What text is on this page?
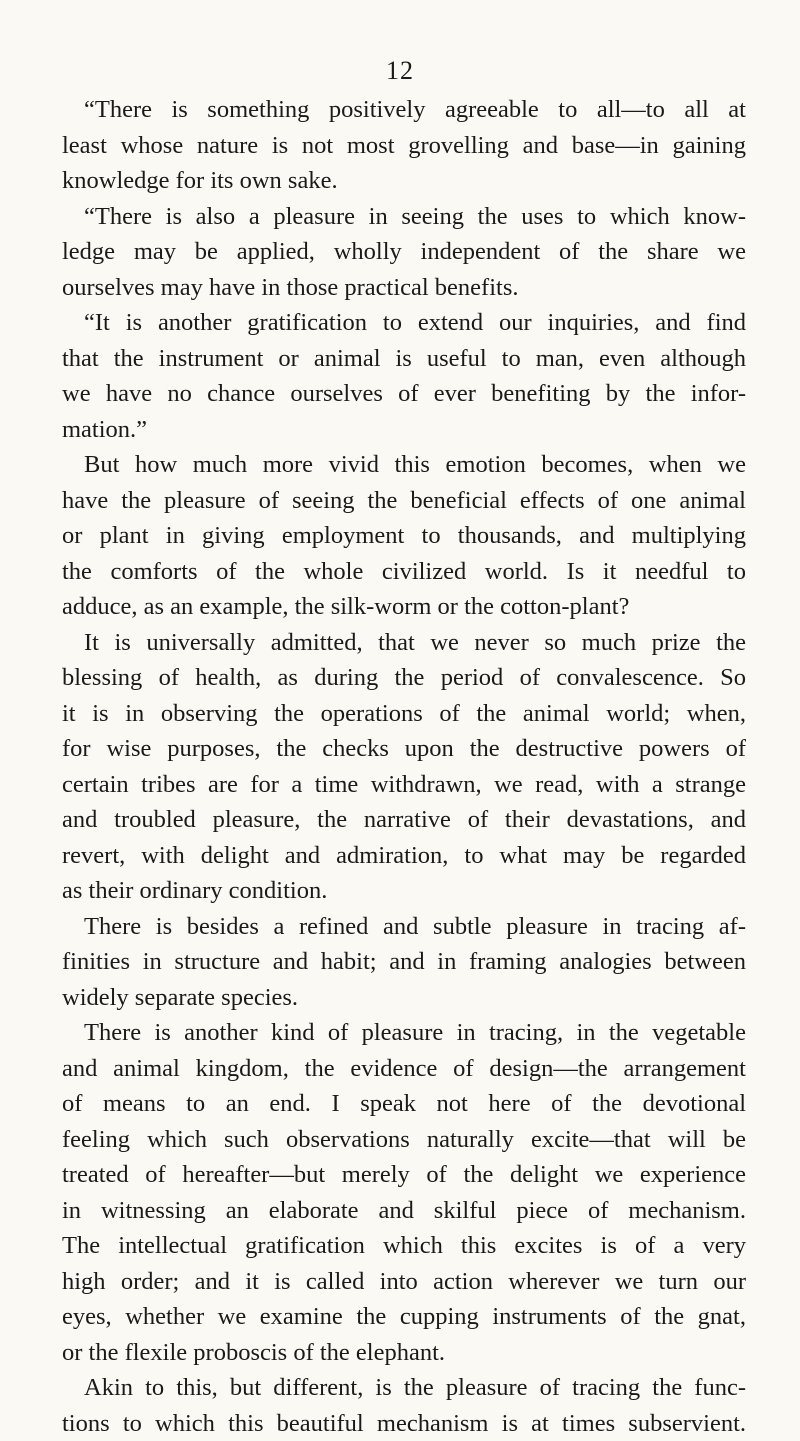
12
“There is something positively agreeable to all—to all at
least whose nature is not most grovelling and base—in gaining
knowledge for its own sake.
“There is also a pleasure in seeing the uses to which know-
ledge may be applied, wholly independent of the share we
ourselves may have in those practical benefits.
“It is another gratification to extend our inquiries, and find
that the instrument or animal is useful to man, even although
we have no chance ourselves of ever benefiting by the infor-
mation.”
But how much more vivid this emotion becomes, when we
have the pleasure of seeing the beneficial effects of one animal
or plant in giving employment to thousands, and multiplying
the comforts of the whole civilized world. Is it needful to
adduce, as an example, the silk-worm or the cotton-plant?
It is universally admitted, that we never so much prize the
blessing of health, as during the period of convalescence. So
it is in observing the operations of the animal world; when,
for wise purposes, the checks upon the destructive powers of
certain tribes are for a time withdrawn, we read, with a strange
and troubled pleasure, the narrative of their devastations, and
revert, with delight and admiration, to what may be regarded
as their ordinary condition.
There is besides a refined and subtle pleasure in tracing af-
finities in structure and habit; and in framing analogies between
widely separate species.
There is another kind of pleasure in tracing, in the vegetable
and animal kingdom, the evidence of design—the arrangement
of means to an end. I speak not here of the devotional
feeling which such observations naturally excite—that will be
treated of hereafter—but merely of the delight we experience
in witnessing an elaborate and skilful piece of mechanism.
The intellectual gratification which this excites is of a very
high order; and it is called into action wherever we turn our
eyes, whether we examine the cupping instruments of the gnat,
or the flexile proboscis of the elephant.
Akin to this, but different, is the pleasure of tracing the func-
tions to which this beautiful mechanism is at times subservient.
